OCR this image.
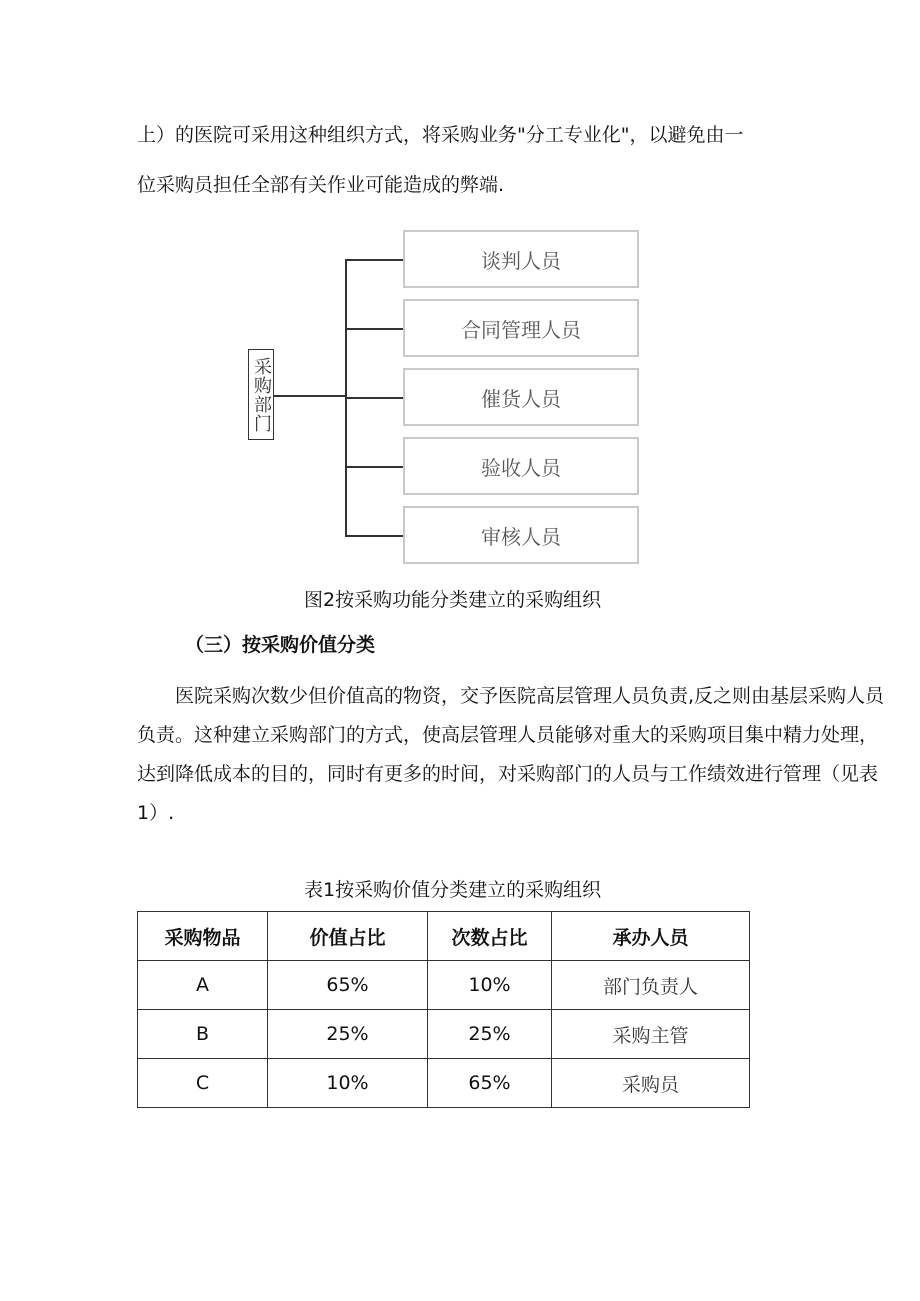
上）的医院可采用这种组织方式，将采购业务"分工专业化"，以避免由一
位采购员担任全部有关作业可能造成的弊端.
采购部门
谈判人员
合同管理人员
催货人员
验收人员
审核人员
图2按采购功能分类建立的采购组织
（三）按采购价值分类

　　医院采购次数少但价值高的物资，交予医院高层管理人员负责,反之则由基层采购人员

负责。这种建立采购部门的方式，使高层管理人员能够对重大的采购项目集中精力处理，

达到降低成本的目的，同时有更多的时间，对采购部门的人员与工作绩效进行管理（见表

1）.

表1按采购价值分类建立的采购组织
采购物品	价值占比	次数占比	承办人员
A	65%	10%	部门负责人
B	25%	25%	采购主管
C	10%	65%	采购员
